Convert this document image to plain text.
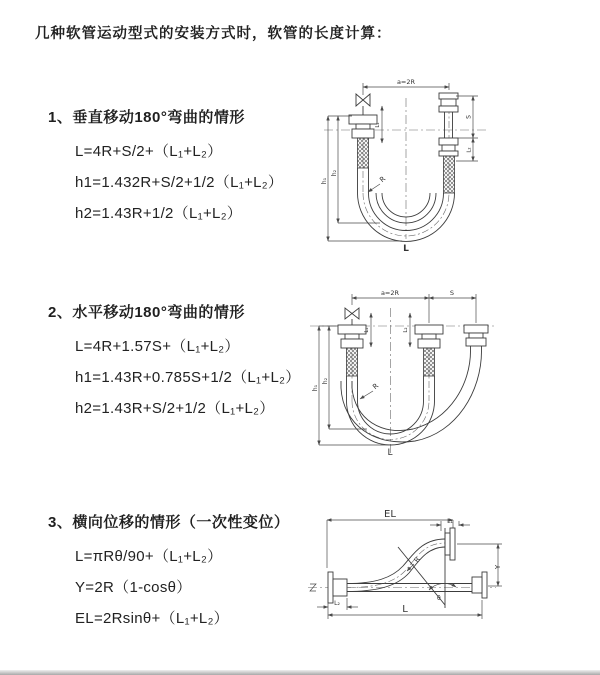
几种软管运动型式的安装方式时，软管的长度计算：
1、垂直移动180°弯曲的情形
L=4R+S/2+（L₁+L₂）
h1=1.432R+S/2+1/2（L₁+L₂）
h2=1.43R+1/2（L₁+L₂）
2、水平移动180°弯曲的情形
L=4R+1.57S+（L₁+L₂）
h1=1.43R+0.785S+1/2（L₁+L₂）
h2=1.43R+S/2+1/2（L₁+L₂）
3、横向位移的情形（一次性变位）
L=πRθ/90+（L₁+L₂）
Y=2R（1-cosθ）
EL=2Rsinθ+（L₁+L₂）
a=2R
h₁
h₂
L₁
S
L₂
R
L
a=2R	S
h₁
h₂
L₁	L₂
R
L
EL
L₁
Y
θ
R
L₂
L
